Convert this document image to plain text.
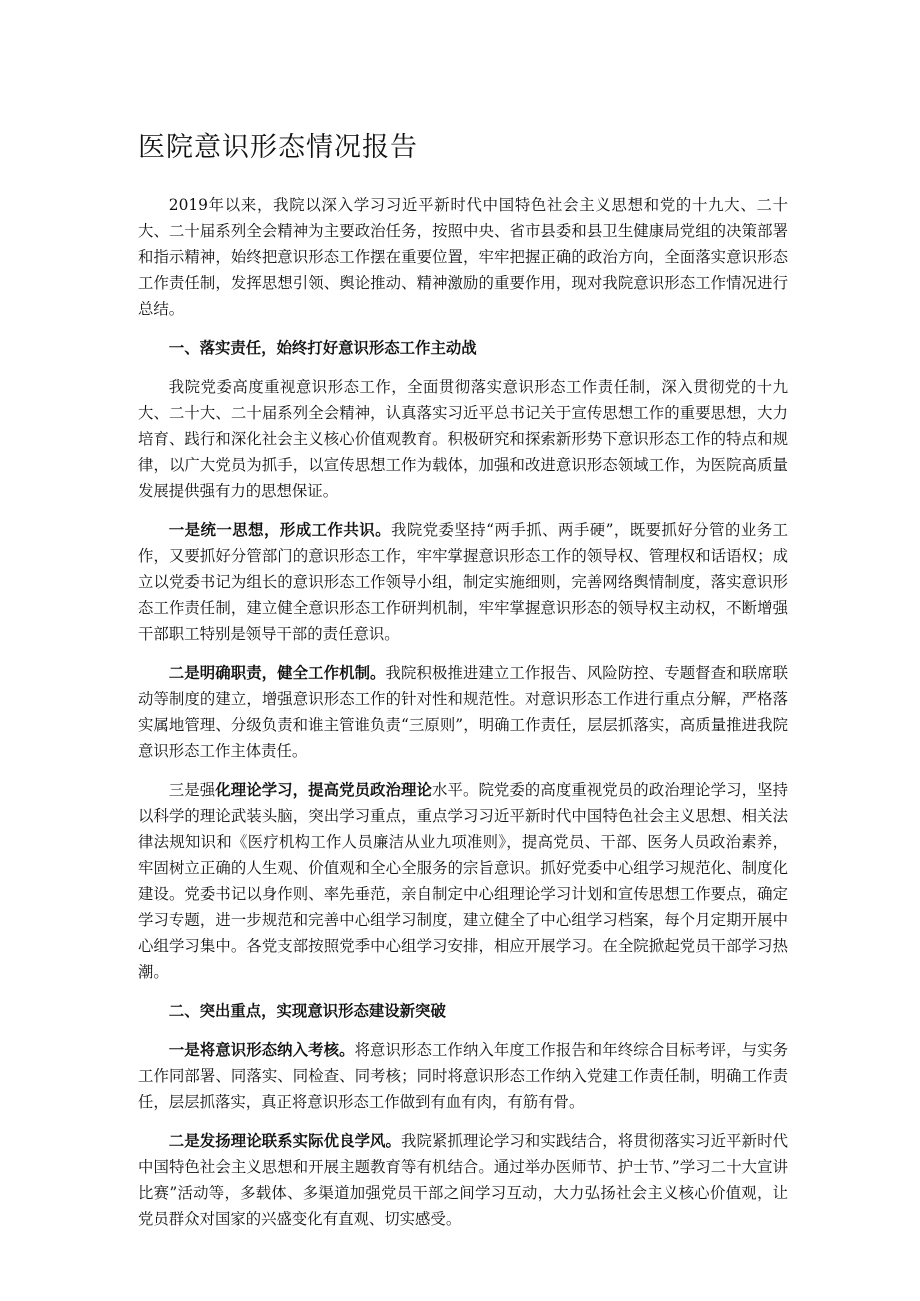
医院意识形态情况报告

2019年以来，我院以深入学习习近平新时代中国特色社会主义思想和党的十九大、二十大、二十届系列全会精神为主要政治任务，按照中央、省市县委和县卫生健康局党组的决策部署和指示精神，始终把意识形态工作摆在重要位置，牢牢把握正确的政治方向，全面落实意识形态工作责任制，发挥思想引领、舆论推动、精神激励的重要作用，现对我院意识形态工作情况进行总结。

一、落实责任，始终打好意识形态工作主动战

我院党委高度重视意识形态工作，全面贯彻落实意识形态工作责任制，深入贯彻党的十九大、二十大、二十届系列全会精神，认真落实习近平总书记关于宣传思想工作的重要思想，大力培育、践行和深化社会主义核心价值观教育。积极研究和探索新形势下意识形态工作的特点和规律，以广大党员为抓手，以宣传思想工作为载体，加强和改进意识形态领域工作，为医院高质量发展提供强有力的思想保证。

一是统一思想，形成工作共识。我院党委坚持“两手抓、两手硬”，既要抓好分管的业务工作，又要抓好分管部门的意识形态工作，牢牢掌握意识形态工作的领导权、管理权和话语权；成立以党委书记为组长的意识形态工作领导小组，制定实施细则，完善网络舆情制度，落实意识形态工作责任制，建立健全意识形态工作研判机制，牢牢掌握意识形态的领导权主动权，不断增强干部职工特别是领导干部的责任意识。

二是明确职责，健全工作机制。我院积极推进建立工作报告、风险防控、专题督查和联席联动等制度的建立，增强意识形态工作的针对性和规范性。对意识形态工作进行重点分解，严格落实属地管理、分级负责和谁主管谁负责“三原则”，明确工作责任，层层抓落实，高质量推进我院意识形态工作主体责任。

三是强化理论学习，提高党员政治理论水平。院党委的高度重视党员的政治理论学习，坚持以科学的理论武装头脑，突出学习重点，重点学习习近平新时代中国特色社会主义思想、相关法律法规知识和《医疗机构工作人员廉洁从业九项准则》，提高党员、干部、医务人员政治素养，牢固树立正确的人生观、价值观和全心全服务的宗旨意识。抓好党委中心组学习规范化、制度化建设。党委书记以身作则、率先垂范，亲自制定中心组理论学习计划和宣传思想工作要点，确定学习专题，进一步规范和完善中心组学习制度，建立健全了中心组学习档案，每个月定期开展中心组学习集中。各党支部按照党季中心组学习安排，相应开展学习。在全院掀起党员干部学习热潮。

二、突出重点，实现意识形态建设新突破

一是将意识形态纳入考核。将意识形态工作纳入年度工作报告和年终综合目标考评，与实务工作同部署、同落实、同检查、同考核；同时将意识形态工作纳入党建工作责任制，明确工作责任，层层抓落实，真正将意识形态工作做到有血有肉，有筋有骨。

二是发扬理论联系实际优良学风。我院紧抓理论学习和实践结合，将贯彻落实习近平新时代中国特色社会主义思想和开展主题教育等有机结合。通过举办医师节、护士节、”学习二十大宣讲比赛”活动等，多载体、多渠道加强党员干部之间学习互动，大力弘扬社会主义核心价值观，让党员群众对国家的兴盛变化有直观、切实感受。
